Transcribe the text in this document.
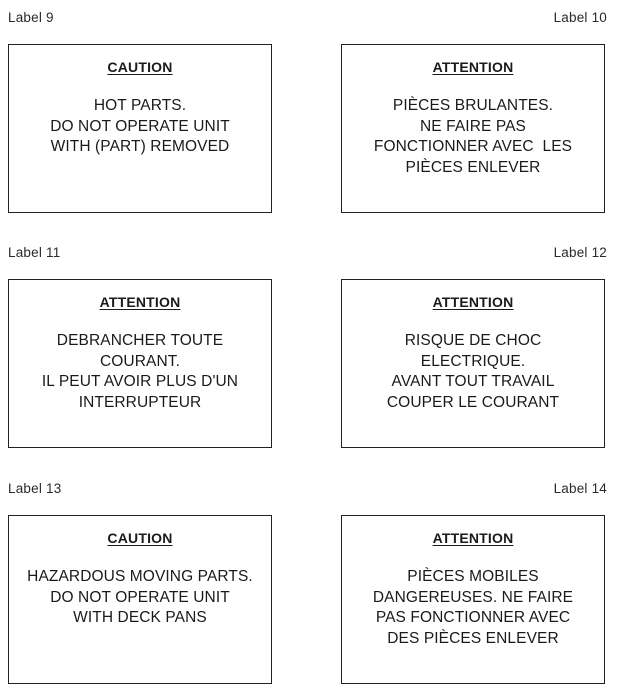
Label 9	Label 10
CAUTION
HOT PARTS.
DO NOT OPERATE UNIT
WITH (PART) REMOVED
ATTENTION
PIÈCES BRULANTES.
NE FAIRE PAS
FONCTIONNER AVEC  LES
PIÈCES ENLEVER
Label 11	Label 12
ATTENTION
DEBRANCHER TOUTE
COURANT.
IL PEUT AVOIR PLUS D'UN
INTERRUPTEUR
ATTENTION
RISQUE DE CHOC
ELECTRIQUE.
AVANT TOUT TRAVAIL
COUPER LE COURANT
Label 13	Label 14
CAUTION
HAZARDOUS MOVING PARTS.
DO NOT OPERATE UNIT
WITH DECK PANS
ATTENTION
PIÈCES MOBILES
DANGEREUSES. NE FAIRE
PAS FONCTIONNER AVEC
DES PIÈCES ENLEVER
